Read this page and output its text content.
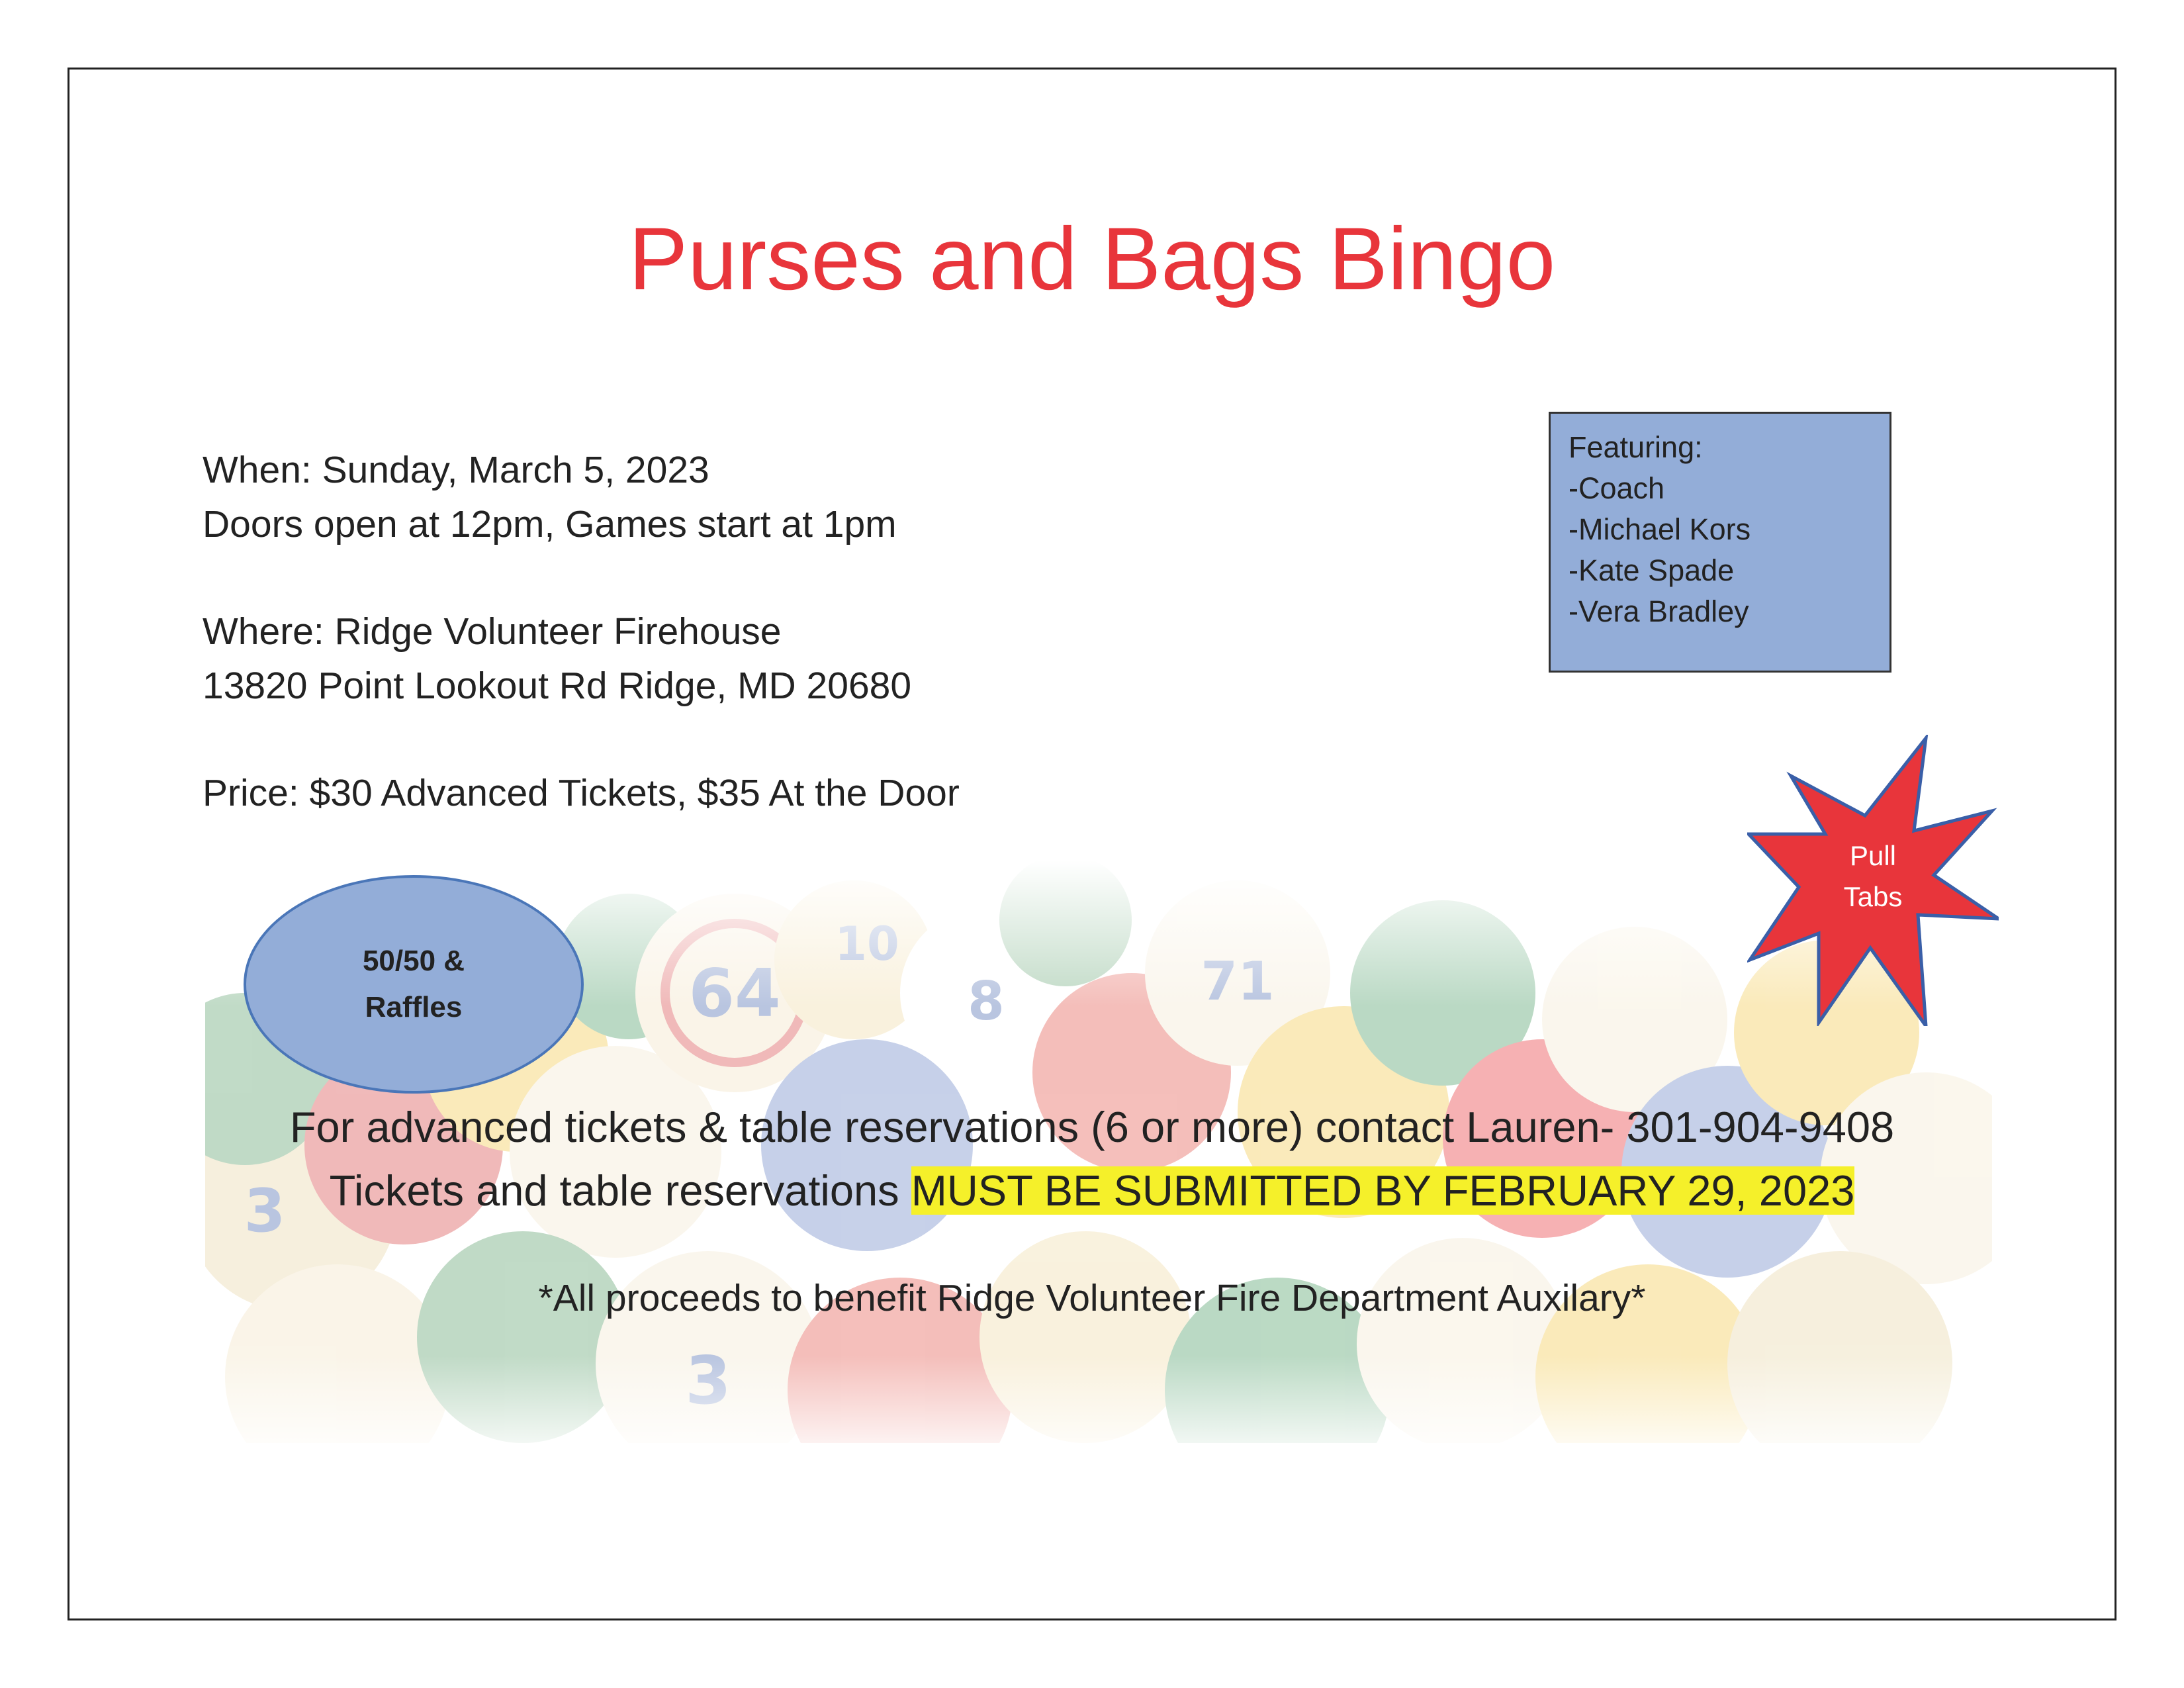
Purses and Bags Bingo
When: Sunday, March 5, 2023
Doors open at 12pm, Games start at 1pm
Where: Ridge Volunteer Firehouse
13820 Point Lookout Rd Ridge, MD 20680
Price: $30 Advanced Tickets, $35 At the Door
Featuring:
-Coach
-Michael Kors
-Kate Spade
-Vera Bradley
50/50 &
Raffles
Pull
Tabs
For advanced tickets & table reservations (6 or more) contact Lauren- 301-904-9408
Tickets and table reservations MUST BE SUBMITTED BY FEBRUARY 29, 2023
*All proceeds to benefit Ridge Volunteer Fire Department Auxilary*
